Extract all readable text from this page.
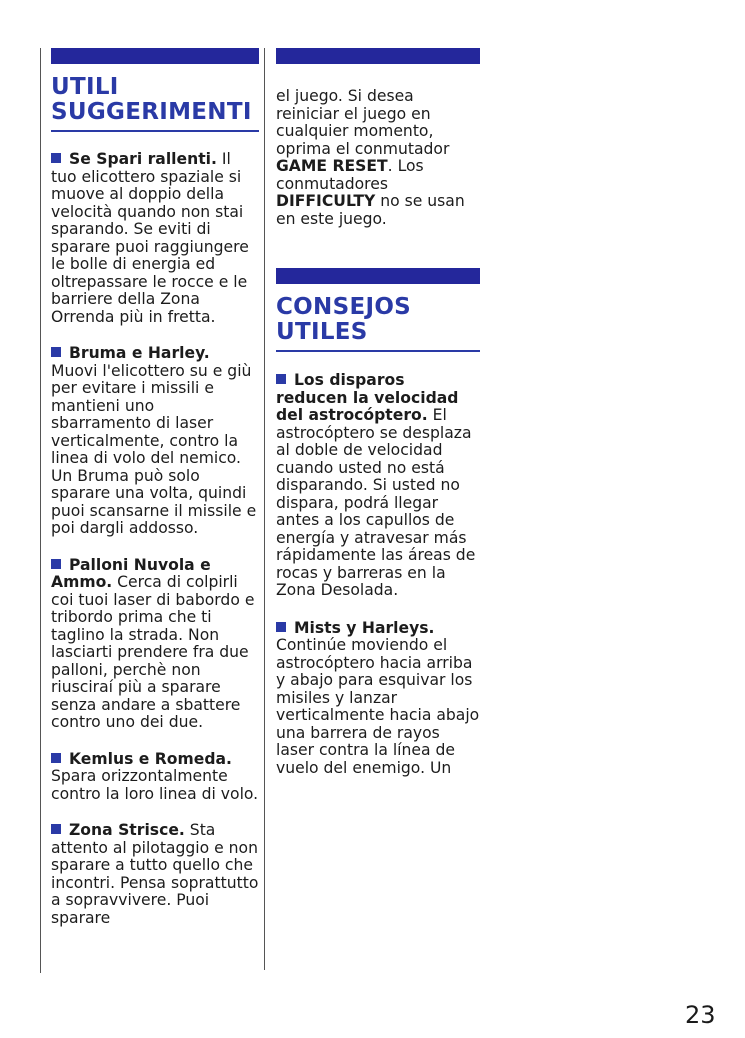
UTILI
SUGGERIMENTI

Se Spari rallenti. Il tuo elicottero spaziale si muove al doppio della velocità quando non stai sparando. Se eviti di sparare puoi raggiungere le bolle di energia ed oltrepassare le rocce e le barriere della Zona Orrenda più in fretta.

Bruma e Harley. Muovi l'elicottero su e giù per evitare i missili e mantieni uno sbarramento di laser verticalmente, contro la linea di volo del nemico. Un Bruma può solo sparare una volta, quindi puoi scansarne il missile e poi dargli addosso.

Palloni Nuvola e Ammo. Cerca di colpirli coi tuoi laser di babordo e tribordo prima che ti taglino la strada. Non lasciarti prendere fra due palloni, perchè non riusciraí più a sparare senza andare a sbattere contro uno dei due.

Kemlus e Romeda. Spara orizzontalmente contro la loro linea di volo.

Zona Strisce. Sta attento al pilotaggio e non sparare a tutto quello che incontri. Pensa soprattutto a sopravvivere. Puoi sparare

el juego. Si desea reiniciar el juego en cualquier momento, oprima el conmutador GAME RESET. Los conmutadores DIFFICULTY no se usan en este juego.

CONSEJOS
UTILES

Los disparos reducen la velocidad del astrocóptero. El astrocóptero se desplaza al doble de velocidad cuando usted no está disparando. Si usted no dispara, podrá llegar antes a los capullos de energía y atravesar más rápidamente las áreas de rocas y barreras en la Zona Desolada.

Mists y Harleys. Continúe moviendo el astrocóptero hacia arriba y abajo para esquivar los misiles y lanzar verticalmente hacia abajo una barrera de rayos laser contra la línea de vuelo del enemigo. Un

23
